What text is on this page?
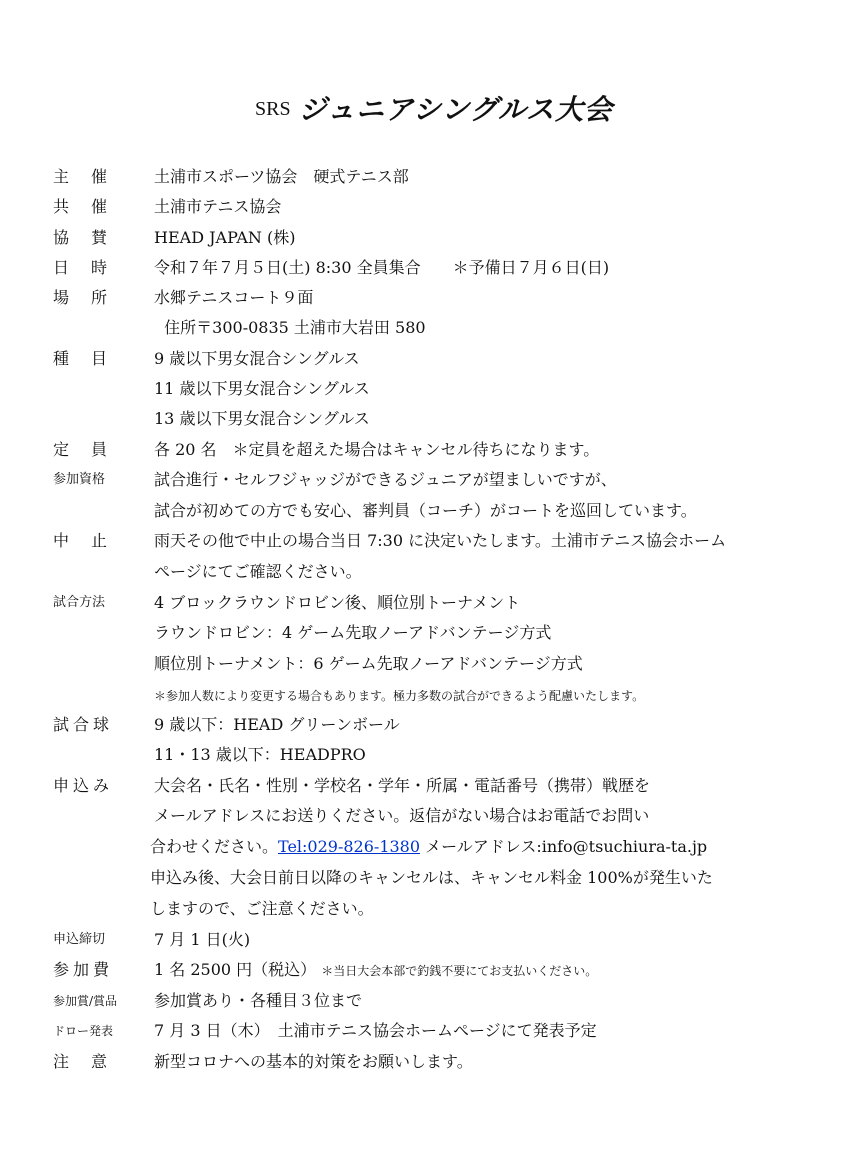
SRS ジュニアシングルス大会
主催 土浦市スポーツ協会　硬式テニス部
共催 土浦市テニス協会
協賛 HEAD JAPAN (株)
日時 令和７年７月５日(土) 8:30 全員集合　　＊予備日７月６日(日)
場所 水郷テニスコート９面
住所〒300-0835 土浦市大岩田 580
種目 9 歳以下男女混合シングルス
11 歳以下男女混合シングルス
13 歳以下男女混合シングルス
定員 各 20 名　＊定員を超えた場合はキャンセル待ちになります。
参加資格	試合進行・セルフジャッジができるジュニアが望ましいですが、
試合が初めての方でも安心、審判員（コーチ）がコートを巡回しています。
中止 雨天その他で中止の場合当日 7:30 に決定いたします。土浦市テニス協会ホーム
ページにてご確認ください。
試合方法	4 ブロックラウンドロビン後、順位別トーナメント
ラウンドロビン：4 ゲーム先取ノーアドバンテージ方式
順位別トーナメント：6 ゲーム先取ノーアドバンテージ方式
＊参加人数により変更する場合もあります。極力多数の試合ができるよう配慮いたします。
試合球	9 歳以下：HEAD グリーンボール
11・13 歳以下：HEADPRO
申込み	大会名・氏名・性別・学校名・学年・所属・電話番号（携帯）戦歴を
メールアドレスにお送りください。返信がない場合はお電話でお問い
合わせください。Tel:029-826-1380 メールアドレス:info@tsuchiura-ta.jp
申込み後、大会日前日以降のキャンセルは、キャンセル料金 100%が発生いた
しますので、ご注意ください。
申込締切	7 月 1 日(火)
参加費	1 名 2500 円（税込） ＊当日大会本部で釣銭不要にてお支払いください。
参加賞/賞品 参加賞あり・各種目３位まで
ドロー発表	7 月 3 日（木）　土浦市テニス協会ホームページにて発表予定
注意 新型コロナへの基本的対策をお願いします。
